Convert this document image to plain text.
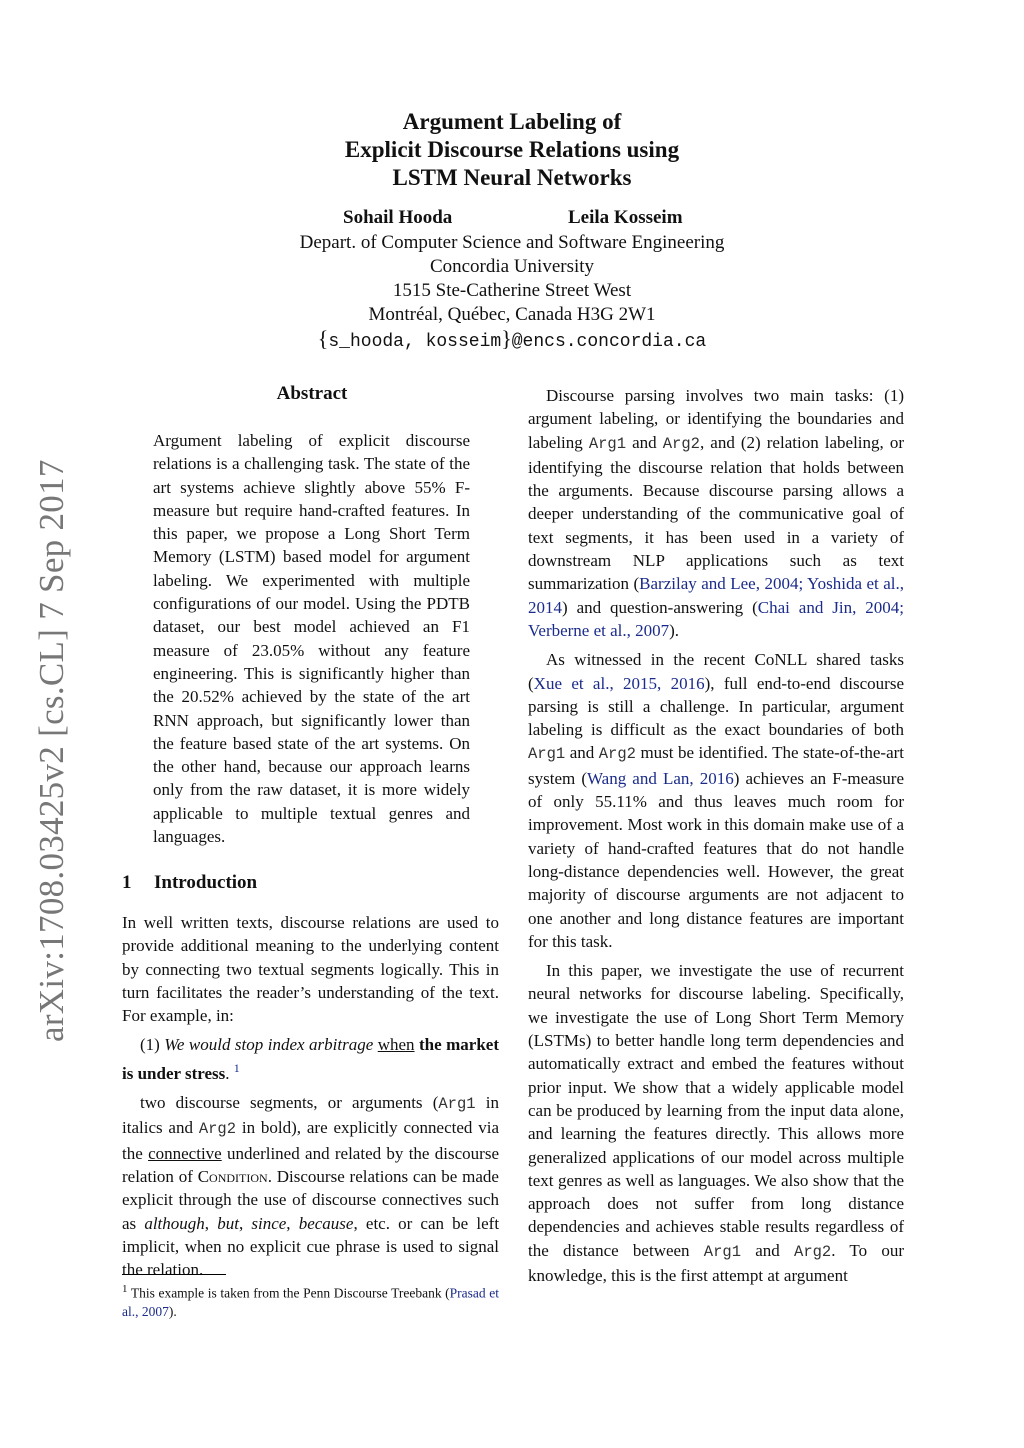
Argument Labeling of
Explicit Discourse Relations using
LSTM Neural Networks
Sohail Hooda	Leila Kosseim
Depart. of Computer Science and Software Engineering
Concordia University
1515 Ste-Catherine Street West
Montréal, Québec, Canada H3G 2W1
{s_hooda, kosseim}@encs.concordia.ca
arXiv:1708.03425v2 [cs.CL] 7 Sep 2017
Abstract
Argument labeling of explicit discourse relations is a challenging task. The state of the art systems achieve slightly above 55% F-measure but require hand-crafted features. In this paper, we propose a Long Short Term Memory (LSTM) based model for argument labeling. We experimented with multiple configurations of our model. Using the PDTB dataset, our best model achieved an F1 measure of 23.05% without any feature engineering. This is significantly higher than the 20.52% achieved by the state of the art RNN approach, but significantly lower than the feature based state of the art systems. On the other hand, because our approach learns only from the raw dataset, it is more widely applicable to multiple textual genres and languages.
1 Introduction

In well written texts, discourse relations are used to provide additional meaning to the underlying content by connecting two textual segments logically. This in turn facilitates the reader’s understanding of the text. For example, in:

(1) We would stop index arbitrage when the market is under stress. $^1$

two discourse segments, or arguments (Arg1 in italics and Arg2 in bold), are explicitly connected via the connective underlined and related by the discourse relation of Condition. Discourse relations can be made explicit through the use of discourse connectives such as although, but, since, because, etc. or can be left implicit, when no explicit cue phrase is used to signal the relation.

$^1$ This example is taken from the Penn Discourse Treebank (Prasad et al., 2007).

Discourse parsing involves two main tasks: (1) argument labeling, or identifying the boundaries and labeling Arg1 and Arg2, and (2) relation labeling, or identifying the discourse relation that holds between the arguments. Because discourse parsing allows a deeper understanding of the communicative goal of text segments, it has been used in a variety of downstream NLP applications such as text summarization (Barzilay and Lee, 2004; Yoshida et al., 2014) and question-answering (Chai and Jin, 2004; Verberne et al., 2007).

As witnessed in the recent CoNLL shared tasks (Xue et al., 2015, 2016), full end-to-end discourse parsing is still a challenge. In particular, argument labeling is difficult as the exact boundaries of both Arg1 and Arg2 must be identified. The state-of-the-art system (Wang and Lan, 2016) achieves an F-measure of only 55.11% and thus leaves much room for improvement. Most work in this domain make use of a variety of hand-crafted features that do not handle long-distance dependencies well. However, the great majority of discourse arguments are not adjacent to one another and long distance features are important for this task.

In this paper, we investigate the use of recurrent neural networks for discourse labeling. Specifically, we investigate the use of Long Short Term Memory (LSTMs) to better handle long term dependencies and automatically extract and embed the features without prior input. We show that a widely applicable model can be produced by learning from the input data alone, and learning the features directly. This allows more generalized applications of our model across multiple text genres as well as languages. We also show that the approach does not suffer from long distance dependencies and achieves stable results regardless of the distance between Arg1 and Arg2. To our knowledge, this is the first attempt at argument
